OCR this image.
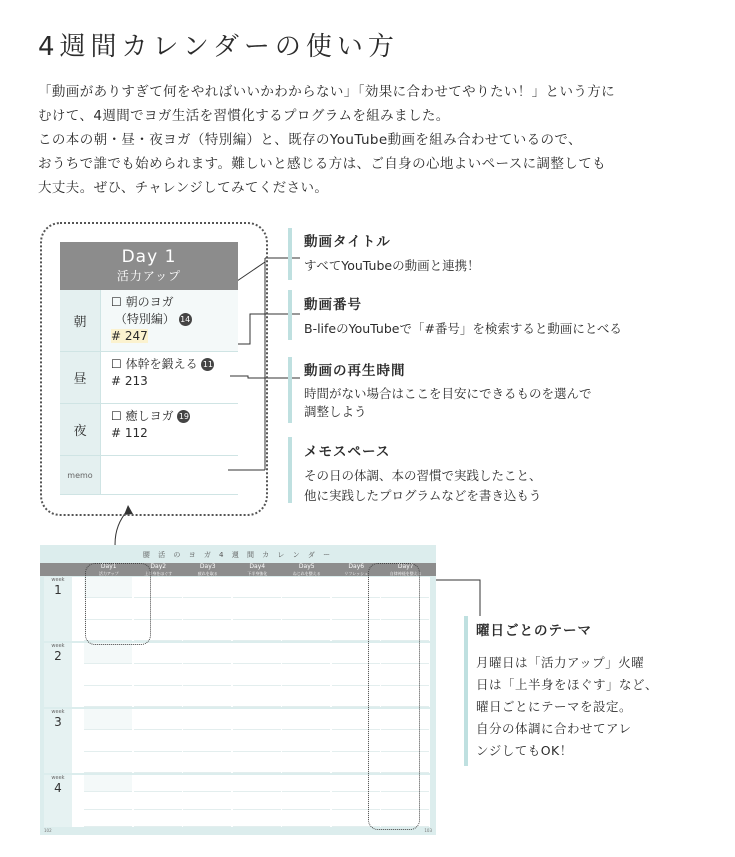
4週間カレンダーの使い方
「動画がありすぎて何をやればいいかわからない」「効果に合わせてやりたい！」という方に
むけて、4週間でヨガ生活を習慣化するプログラムを組みました。
この本の朝・昼・夜ヨガ（特別編）と、既存のYouTube動画を組み合わせているので、
おうちで誰でも始められます。難しいと感じる方は、ご自身の心地よいペースに調整しても
大丈夫。ぜひ、チャレンジしてみてください。
Day 1
活力アップ
朝
☐ 朝のヨガ
（特別編） 14
# 247
昼
☐ 体幹を鍛える 11
# 213
夜
☐ 癒しヨガ 19
# 112
memo
動画タイトル
すべてYouTubeの動画と連携！
動画番号
B-lifeのYouTubeで「#番号」を検索すると動画にとべる
動画の再生時間
時間がない場合はここを目安にできるものを選んで
調整しよう
メモスペース
その日の体調、本の習慣で実践したこと、
他に実践したプログラムなどを書き込もう
腰 活 の ヨ ガ 4 週 間 カ レ ン ダ ー
Day1
活力アップ
Day2
上半身をほぐす
Day3
疲れを取る
Day4
下半身強化
Day5
ねじれを整える
Day6
リフレッシュ
Day7
自律神経を整える
week
1
week
2
week
3
week
4
102	103
曜日ごとのテーマ
月曜日は「活力アップ」火曜
日は「上半身をほぐす」など、
曜日ごとにテーマを設定。
自分の体調に合わせてアレ
ンジしてもOK！
